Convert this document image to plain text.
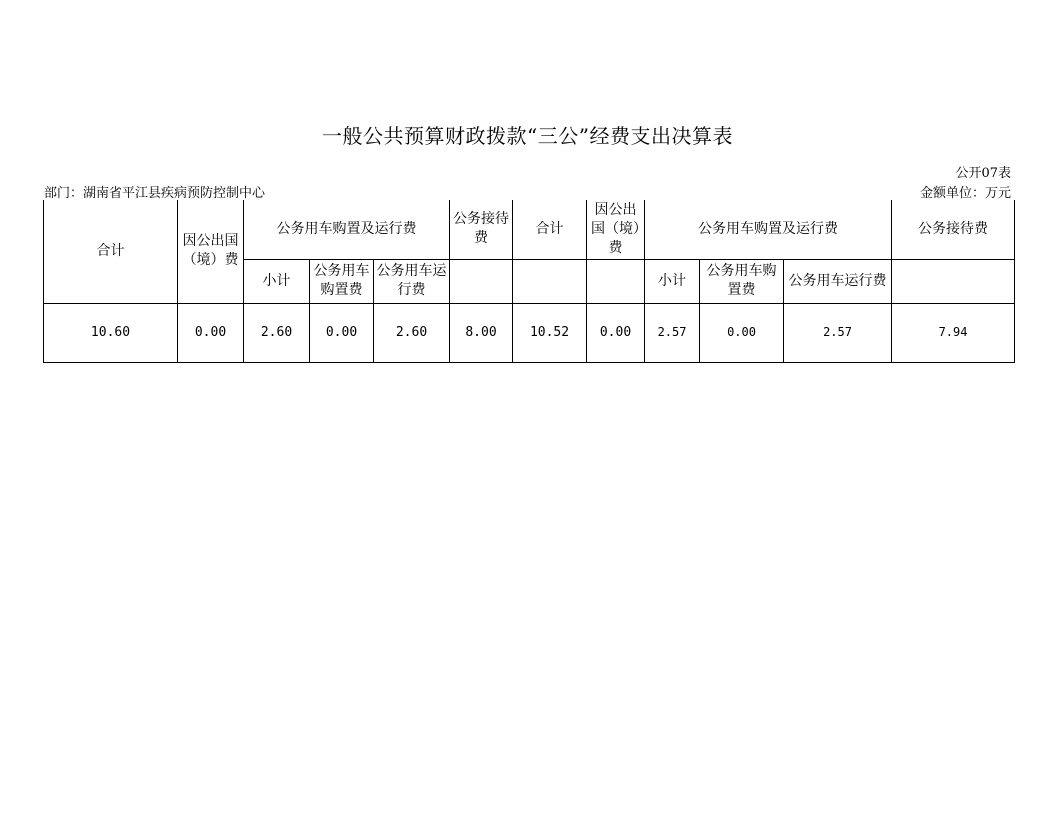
一般公共预算财政拨款“三公”经费支出决算表
公开07表
部门：湖南省平江县疾病预防控制中心	金额单位：万元
合计	因公出国（境）费	公务用车购置及运行费			公务接待费	合计	因公出国（境）费	公务用车购置及运行费			公务接待费
		小计	公务用车购置费	公务用车运行费				小计	公务用车购置费	公务用车运行费	
10.60	0.00	2.60	0.00	2.60	8.00	10.52	0.00	2.57	0.00	2.57	7.94
